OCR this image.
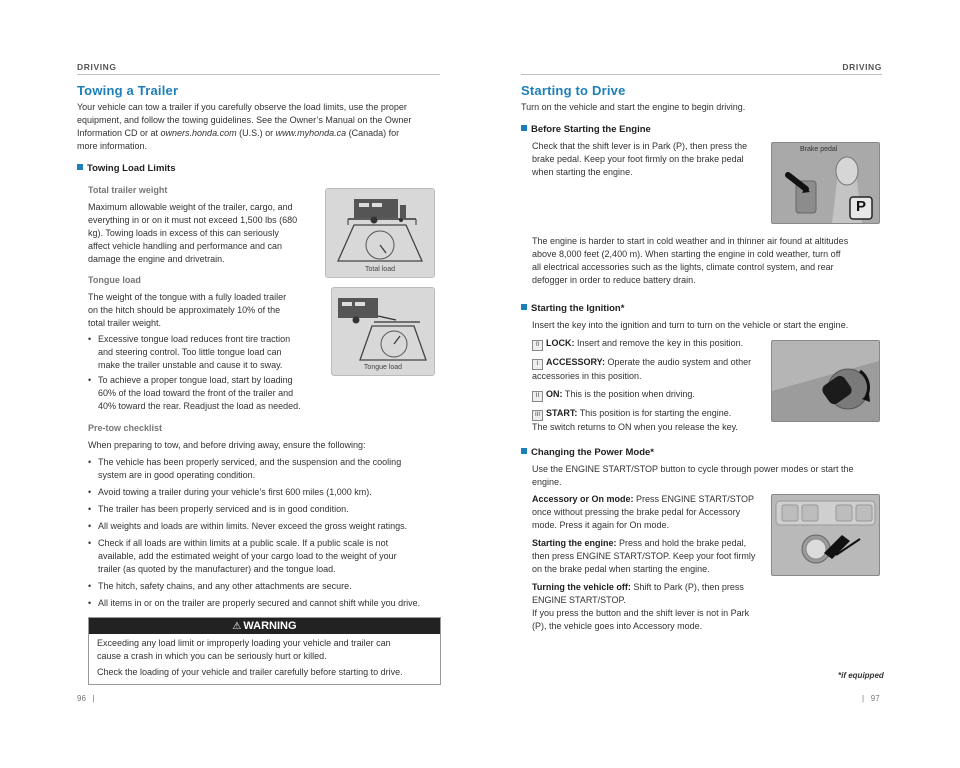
DRIVING	DRIVING
Towing a Trailer
Your vehicle can tow a trailer if you carefully observe the load limits, use the proper
equipment, and follow the towing guidelines. See the Owner’s Manual on the Owner
Information CD or at owners.honda.com (U.S.) or www.myhonda.ca (Canada) for
more information.
Towing Load Limits
Total trailer weight
Maximum allowable weight of the trailer, cargo, and
everything in or on it must not exceed 1,500 lbs (680
kg). Towing loads in excess of this can seriously
affect vehicle handling and performance and can
damage the engine and drivetrain.
Total load
Tongue load
The weight of the tongue with a fully loaded trailer
on the hitch should be approximately 10% of the
total trailer weight.
• Excessive tongue load reduces front tire traction
and steering control. Too little tongue load can
make the trailer unstable and cause it to sway.
• To achieve a proper tongue load, start by loading
60% of the load toward the front of the trailer and
40% toward the rear. Readjust the load as needed.
Tongue load
Pre-tow checklist
When preparing to tow, and before driving away, ensure the following:
• The vehicle has been properly serviced, and the suspension and the cooling
system are in good operating condition.
• Avoid towing a trailer during your vehicle’s first 600 miles (1,000 km).
• The trailer has been properly serviced and is in good condition.
• All weights and loads are within limits. Never exceed the gross weight ratings.
• Check if all loads are within limits at a public scale. If a public scale is not
available, add the estimated weight of your cargo load to the weight of your
trailer (as quoted by the manufacturer) and the tongue load.
• The hitch, safety chains, and any other attachments are secure.
• All items in or on the trailer are properly secured and cannot shift while you drive.
⚠ WARNING
Exceeding any load limit or improperly loading your vehicle and trailer can
cause a crash in which you can be seriously hurt or killed.
Check the loading of your vehicle and trailer carefully before starting to drive.
96   |
Starting to Drive
Turn on the vehicle and start the engine to begin driving.
Before Starting the Engine
Check that the shift lever is in Park (P), then press the
brake pedal. Keep your foot firmly on the brake pedal
when starting the engine.
Brake pedal
P
The engine is harder to start in cold weather and in thinner air found at altitudes
above 8,000 feet (2,400 m). When starting the engine in cold weather, turn off
all electrical accessories such as the lights, climate control system, and rear
defogger in order to reduce battery drain.
Starting the Ignition*
Insert the key into the ignition and turn to turn on the vehicle or start the engine.
0 LOCK: Insert and remove the key in this position.
I ACCESSORY: Operate the audio system and other
accessories in this position.
II ON: This is the position when driving.
III START: This position is for starting the engine.
The switch returns to ON when you release the key.
Changing the Power Mode*
Use the ENGINE START/STOP button to cycle through power modes or start the
engine.
Accessory or On mode: Press ENGINE START/STOP
once without pressing the brake pedal for Accessory
mode. Press it again for On mode.
Starting the engine: Press and hold the brake pedal,
then press ENGINE START/STOP. Keep your foot firmly
on the brake pedal when starting the engine.
Turning the vehicle off: Shift to Park (P), then press
ENGINE START/STOP.
If you press the button and the shift lever is not in Park
(P), the vehicle goes into Accessory mode.
*if equipped
|   97
